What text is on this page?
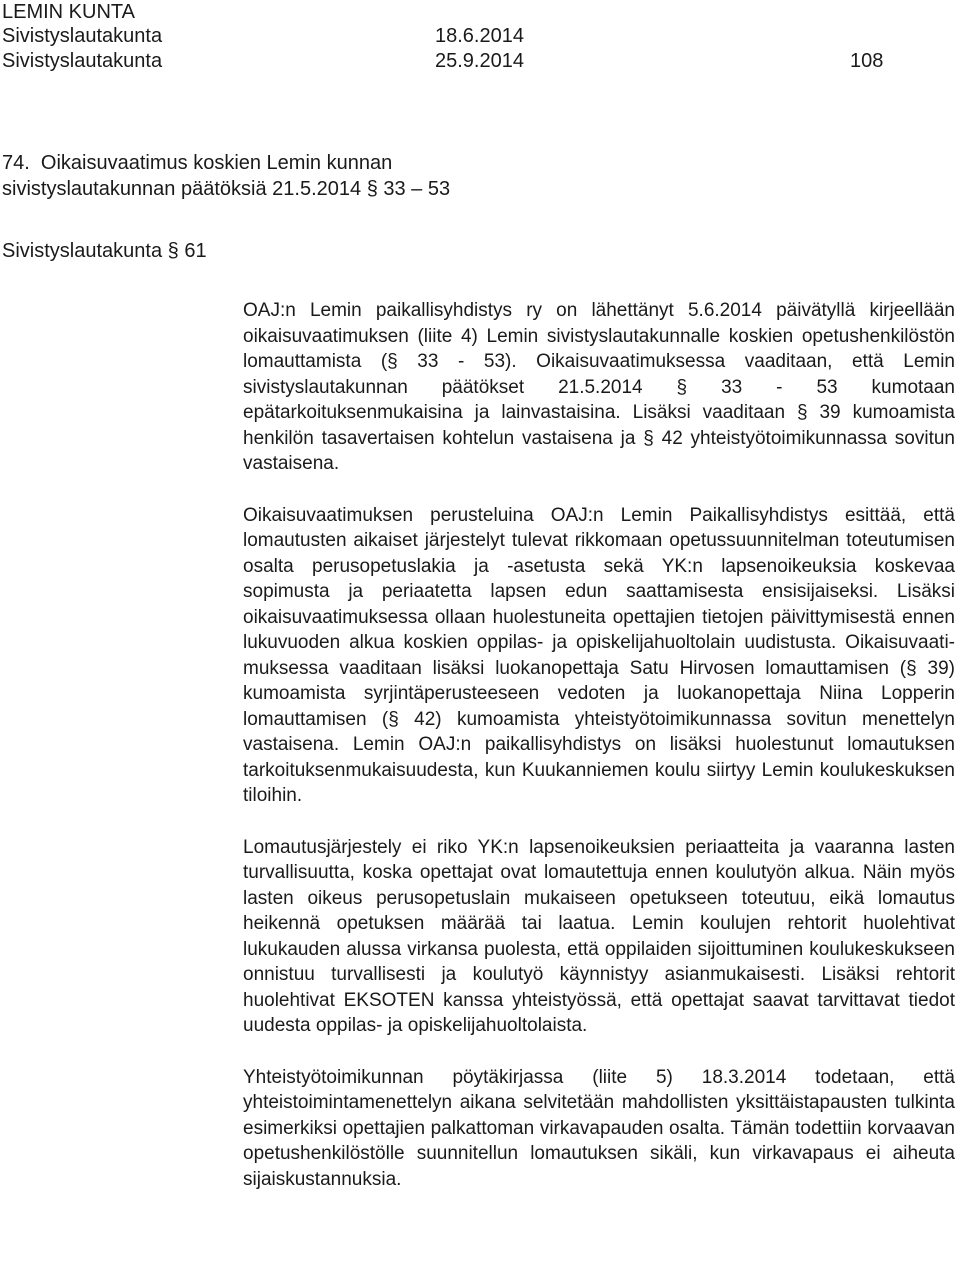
LEMIN KUNTA
Sivistyslautakunta	18.6.2014
Sivistyslautakunta	25.9.2014	108
74.  Oikaisuvaatimus koskien Lemin kunnan
sivistyslautakunnan päätöksiä 21.5.2014 § 33 – 53
Sivistyslautakunta § 61

OAJ:n Lemin paikallisyhdistys ry on lähettänyt 5.6.2014 päivätyllä kirjeellään oikaisuvaatimuksen (liite 4) Lemin sivistyslautakunnalle koskien opetushenkilöstön lomauttamista (§ 33 - 53). Oikaisuvaatimuksessa vaaditaan, että Lemin sivistyslautakunnan päätökset 21.5.2014 § 33 - 53 kumotaan epätarkoituksenmukaisina ja lainvastaisina. Lisäksi vaaditaan § 39 kumoamista henkilön tasavertaisen kohtelun vastaisena ja § 42 yhteistyötoimikunnassa sovitun vastaisena.

Oikaisuvaatimuksen perusteluina OAJ:n Lemin Paikallisyhdistys esittää, että lomautusten aikaiset järjestelyt tulevat rikkomaan opetussuunnitelman toteutumisen osalta perusopetuslakia ja -asetusta sekä YK:n lapsenoikeuksia koskevaa sopimusta ja periaatetta lapsen edun saattamisesta ensisijaiseksi. Lisäksi oikaisuvaatimuksessa ollaan huolestuneita opettajien tietojen päivittymisestä ennen lukuvuoden alkua koskien oppilas- ja opiskelijahuoltolain uudistusta. Oikaisuvaatimuksessa vaaditaan lisäksi luokanopettaja Satu Hirvosen lomauttamisen (§ 39) kumoamista syrjintäperusteeseen vedoten ja luokanopettaja Niina Lopperin lomauttamisen (§ 42) kumoamista yhteistyötoimikunnassa sovitun menettelyn vastaisena. Lemin OAJ:n paikallisyhdistys on lisäksi huolestunut lomautuksen tarkoituksenmukaisuudesta, kun Kuukanniemen koulu siirtyy Lemin koulukeskuksen tiloihin.

Lomautusjärjestely ei riko YK:n lapsenoikeuksien periaatteita ja vaaranna lasten turvallisuutta, koska opettajat ovat lomautettuja ennen koulutyön alkua. Näin myös lasten oikeus perusopetuslain mukaiseen opetukseen toteutuu, eikä lomautus heikennä opetuksen määrää tai laatua. Lemin koulujen rehtorit huolehtivat lukukauden alussa virkansa puolesta, että oppilaiden sijoittuminen koulukeskukseen onnistuu turvallisesti ja koulutyö käynnistyy asianmukaisesti. Lisäksi rehtorit huolehtivat EKSOTEN kanssa yhteistyössä, että opettajat saavat tarvittavat tiedot uudesta oppilas- ja opiskelijahuoltolaista.

Yhteistyötoimikunnan pöytäkirjassa (liite 5) 18.3.2014 todetaan, että yhteistoimintamenettelyn aikana selvitetään mahdollisten yksittäistapausten tulkinta esimerkiksi opettajien palkattoman virkavapauden osalta. Tämän todettiin korvaavan opetushenkilöstölle suunnitellun lomautuksen sikäli, kun virkavapaus ei aiheuta sijaiskustannuksia.
